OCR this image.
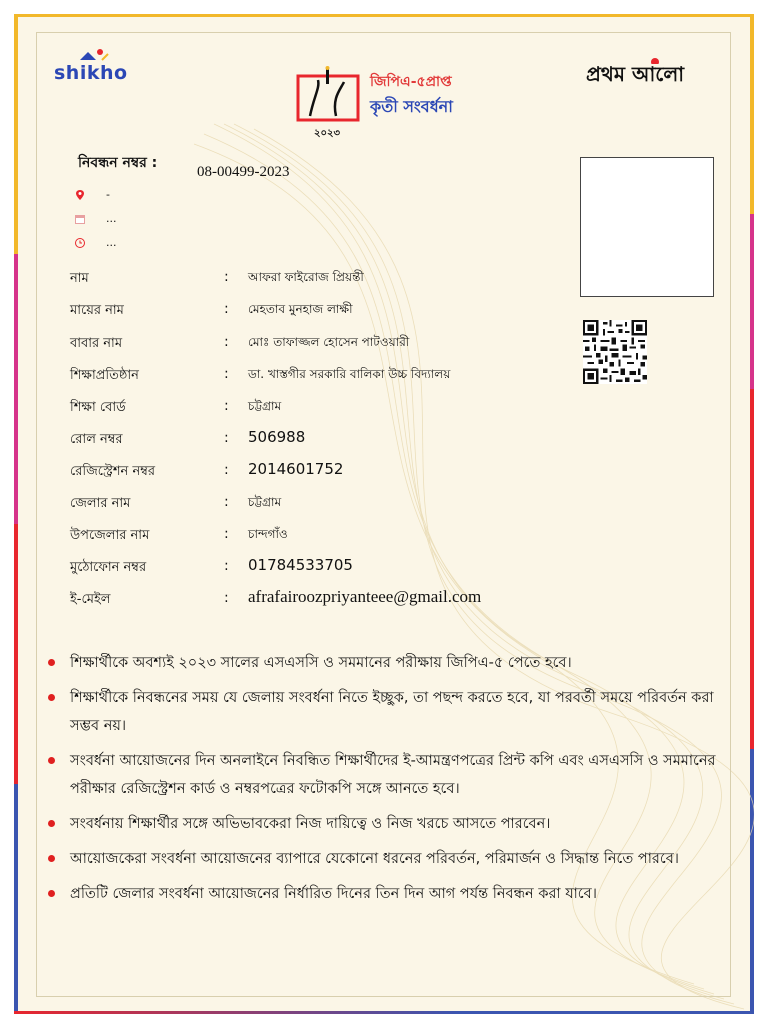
shikho	জিপিএ-৫প্রাপ্ত
কৃতী সংবর্ধনা
২০২৩
প্রথম আলো
নিবন্ধন নম্বর :
08-00499-2023
-
...
...
নাম	: আফরা ফাইরোজ প্রিয়ন্তী
মায়ের নাম	: মেহতাব মুনহাজ লাক্ষী
বাবার নাম	: মোঃ তাফাজ্জল হোসেন পাটওয়ারী
শিক্ষাপ্রতিষ্ঠান	: ডা. খাস্তগীর সরকারি বালিকা উচ্চ বিদ্যালয়
শিক্ষা বোর্ড	: চট্টগ্রাম
রোল নম্বর	: 506988
রেজিস্ট্রেশন নম্বর	: 2014601752
জেলার নাম	: চট্টগ্রাম
উপজেলার নাম	: চান্দগাঁও
মুঠোফোন নম্বর	: 01784533705
ই-মেইল	: afrafairoozpriyanteee@gmail.com
শিক্ষার্থীকে অবশ্যই ২০২৩ সালের এসএসসি ও সমমানের পরীক্ষায় জিপিএ-৫ পেতে হবে।
শিক্ষার্থীকে নিবন্ধনের সময় যে জেলায় সংবর্ধনা নিতে ইচ্ছুক, তা পছন্দ করতে হবে, যা পরবর্তী সময়ে পরিবর্তন করা সম্ভব নয়।
সংবর্ধনা আয়োজনের দিন অনলাইনে নিবন্ধিত শিক্ষার্থীদের ই-আমন্ত্রণপত্রের প্রিন্ট কপি এবং এসএসসি ও সমমানের পরীক্ষার রেজিস্ট্রেশন কার্ড ও নম্বরপত্রের ফটোকপি সঙ্গে আনতে হবে।
সংবর্ধনায় শিক্ষার্থীর সঙ্গে অভিভাবকেরা নিজ দায়িত্বে ও নিজ খরচে আসতে পারবেন।
আয়োজকেরা সংবর্ধনা আয়োজনের ব্যাপারে যেকোনো ধরনের পরিবর্তন, পরিমার্জন ও সিদ্ধান্ত নিতে পারবে।
প্রতিটি জেলার সংবর্ধনা আয়োজনের নির্ধারিত দিনের তিন দিন আগ পর্যন্ত নিবন্ধন করা যাবে।
